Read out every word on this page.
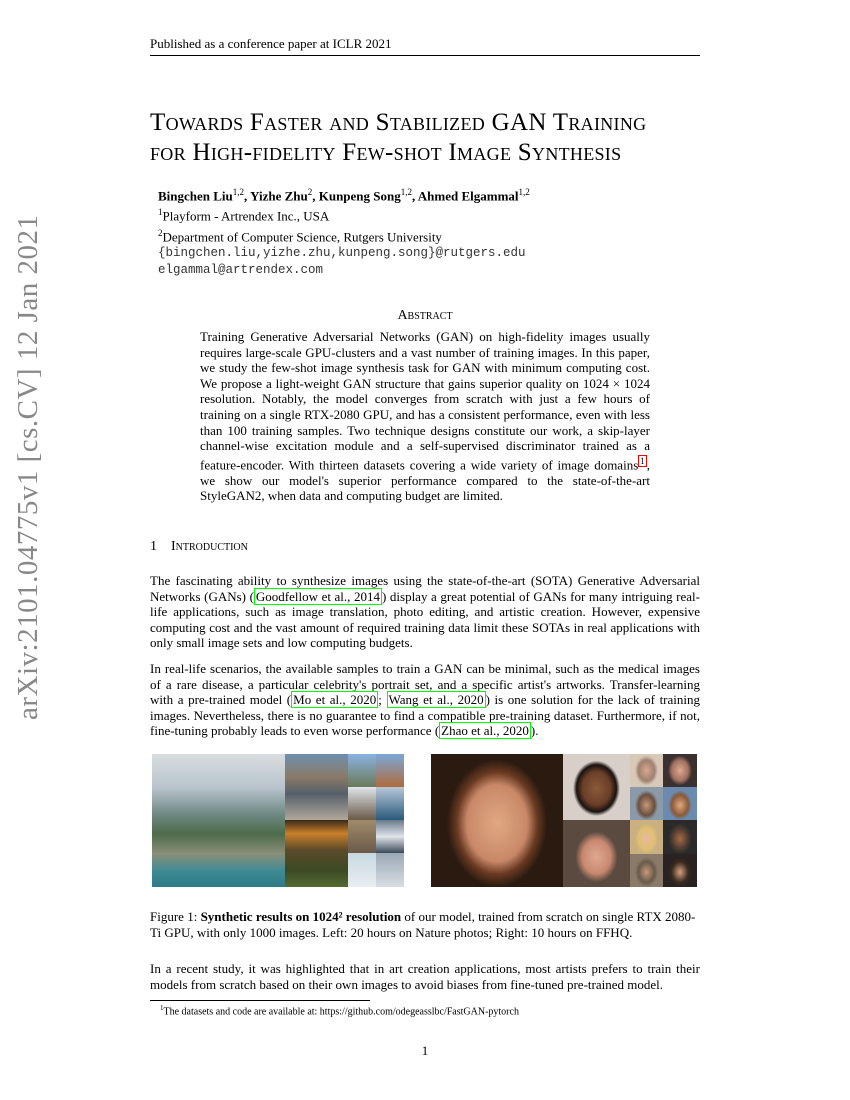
Published as a conference paper at ICLR 2021
arXiv:2101.04775v1 [cs.CV] 12 Jan 2021
Towards Faster and Stabilized GAN Training
for High-fidelity Few-shot Image Synthesis
Bingchen Liu$^{1,2}$, Yizhe Zhu$^2$, Kunpeng Song$^{1,2}$, Ahmed Elgammal$^{1,2}$
$^1$Playform - Artrendex Inc., USA
$^2$Department of Computer Science, Rutgers University
{bingchen.liu,yizhe.zhu,kunpeng.song}@rutgers.edu
elgammal@artrendex.com
Abstract
Training Generative Adversarial Networks (GAN) on high-fidelity images usually requires large-scale GPU-clusters and a vast number of training images. In this paper, we study the few-shot image synthesis task for GAN with minimum computing cost. We propose a light-weight GAN structure that gains superior quality on 1024 × 1024 resolution. Notably, the model converges from scratch with just a few hours of training on a single RTX-2080 GPU, and has a consistent performance, even with less than 100 training samples. Two technique designs constitute our work, a skip-layer channel-wise excitation module and a self-supervised discriminator trained as a feature-encoder. With thirteen datasets covering a wide variety of image domains $^1$ , we show our model's superior performance compared to the state-of-the-art StyleGAN2, when data and computing budget are limited.
1 Introduction
The fascinating ability to synthesize images using the state-of-the-art (SOTA) Generative Adversarial Networks (GANs) ( Goodfellow et al., 2014 ) display a great potential of GANs for many intriguing real-life applications, such as image translation, photo editing, and artistic creation. However, expensive computing cost and the vast amount of required training data limit these SOTAs in real applications with only small image sets and low computing budgets.
In real-life scenarios, the available samples to train a GAN can be minimal, such as the medical images of a rare disease, a particular celebrity's portrait set, and a specific artist's artworks. Transfer-learning with a pre-trained model ( Mo et al., 2020 ; Wang et al., 2020 ) is one solution for the lack of training images. Nevertheless, there is no guarantee to find a compatible pre-training dataset. Furthermore, if not, fine-tuning probably leads to even worse performance ( Zhao et al., 2020 ).
Figure 1: Synthetic results on 1024² resolution of our model, trained from scratch on single RTX 2080-Ti GPU, with only 1000 images. Left: 20 hours on Nature photos; Right: 10 hours on FFHQ.
In a recent study, it was highlighted that in art creation applications, most artists prefers to train their models from scratch based on their own images to avoid biases from fine-tuned pre-trained model.
$^1$The datasets and code are available at: https://github.com/odegeasslbc/FastGAN-pytorch
1
